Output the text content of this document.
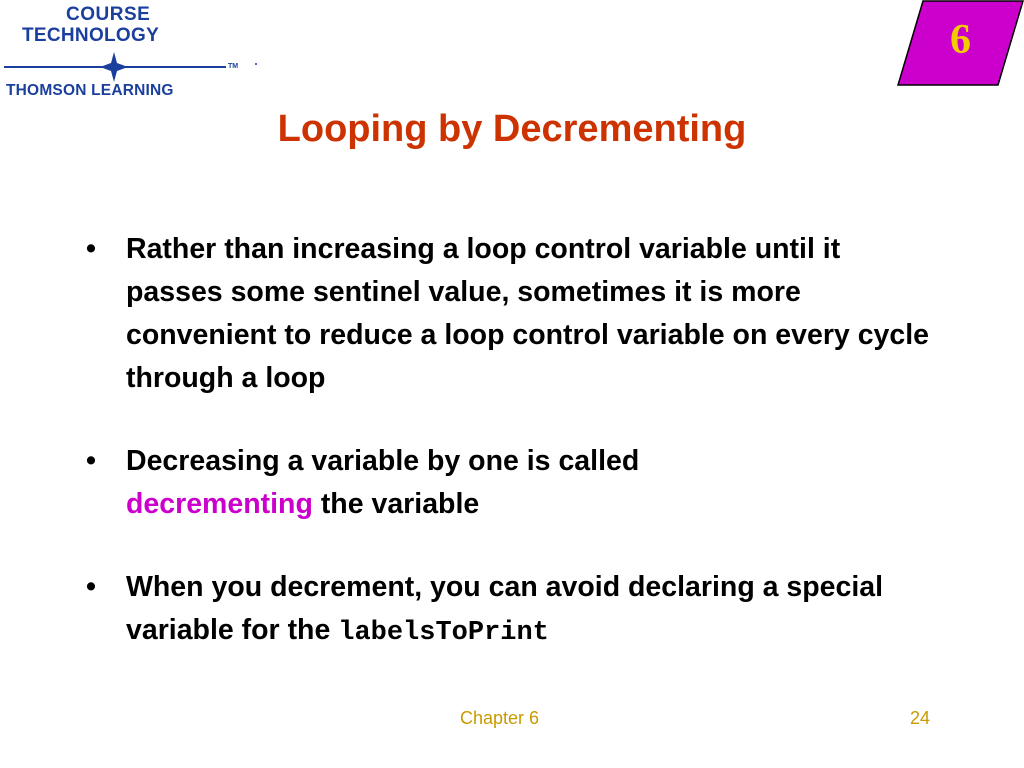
COURSE
TECHNOLOGY
TM
THOMSON LEARNING
6
Looping by Decrementing
• Rather than increasing a loop control variable until it passes some sentinel value, sometimes it is more convenient to reduce a loop control variable on every cycle through a loop
• Decreasing a variable by one is called
decrementing the variable
• When you decrement, you can avoid declaring a special variable for the labelsToPrint
Chapter 6	24
